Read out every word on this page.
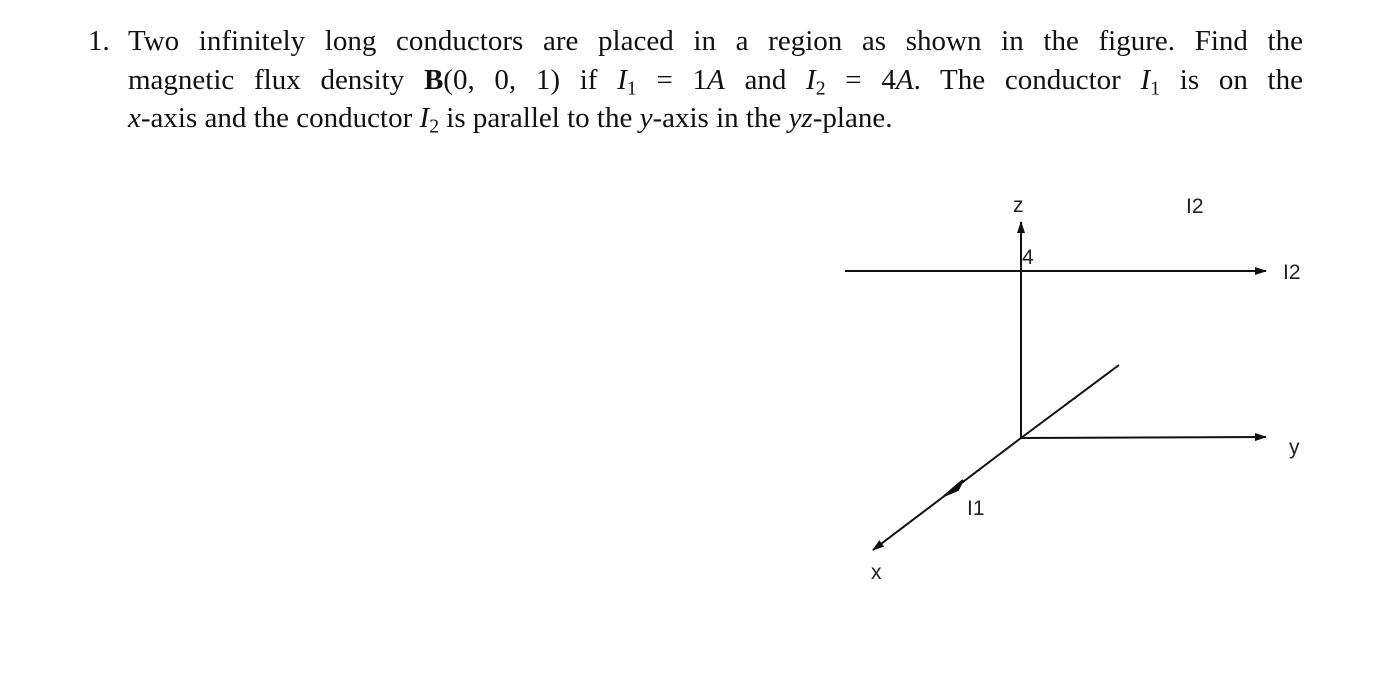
1. Two infinitely long conductors are placed in a region as shown in the figure. Find the
magnetic flux density B(0, 0, 1) if $I_1 = 1A$ and $I_2 = 4A$. The conductor $I_1$ is on the
x-axis and the conductor $I_2$ is parallel to the y-axis in the yz-plane.
z	I2
4
I2
y
I1
x
